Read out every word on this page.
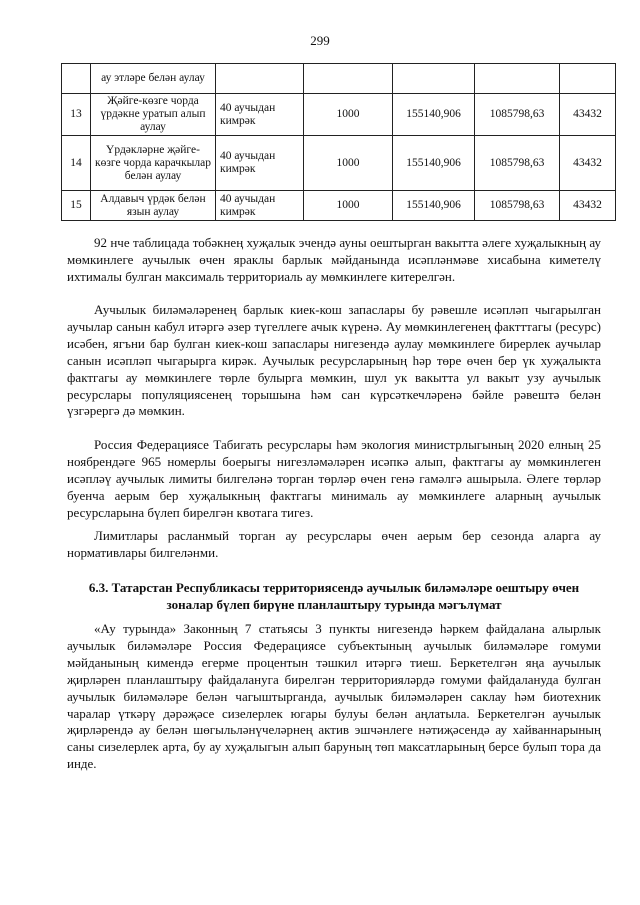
299
	ау этләре белән аулау					
13	Җәйге-көзге чорда үрдәкне уратып алып аулау	40 аучыдан кимрәк	1000	155140,906	1085798,63	43432
14	Үрдәкләрне җәйге-көзге чорда карачкылар белән аулау	40 аучыдан кимрәк	1000	155140,906	1085798,63	43432
15	Алдавыч үрдәк белән язын аулау	40 аучыдан кимрәк	1000	155140,906	1085798,63	43432

92 нче таблицада тобәкнең хуҗалык эчендә ауны оештырган вакытта әлеге хуҗалыкның ау мөмкинлеге аучылык өчен яраклы барлык мәйданында исәпләнмәве хисабына киметелү ихтималы булган максималь территориаль ау мөмкинлеге китерелгән.

Аучылык биләмәләренең барлык киек-кош запаслары бу рәвешле исәпләп чыгарылган аучылар санын кабул итәргә әзер түгеллеге ачык күренә. Ау мөмкинлегенең фактттагы (ресурс) исәбен, ягъни бар булган киек-кош запаслары нигезендә аулау мөмкинлеге бирерлек аучылар санын исәпләп чыгарырга кирәк. Аучылык ресурсларының һәр төре өчен бер үк хуҗалыкта фактгагы ау мөмкинлеге төрле булырга мөмкин, шул ук вакытта ул вакыт узу аучылык ресурслары популяциясенең торышына һәм сан күрсәткечләренә бәйле рәвештә белән үзгәрергә дә мөмкин.

Россия Федерациясе Табигать ресурслары һәм экология министрлыгының 2020 елның 25 ноябрендәге 965 номерлы боерыгы нигезләмәләрен исәпкә алып, фактгагы ау мөмкинлеген исәпләү аучылык лимиты билгеләнә торган төрләр өчен генә гамәлгә ашырыла. Әлеге төрләр буенча аерым бер хуҗалыкның фактгагы минималь ау мөмкинлеге аларның аучылык ресурсларына бүлеп бирелгән квотага тигез.

Лимитлары расланмый торган ау ресурслары өчен аерым бер сезонда аларга ау нормативлары билгеләнми.

6.3. Татарстан Республикасы территориясендә аучылык биләмәләре оештыру өчен зоналар бүлеп бирүне планлаштыру турында мәгълүмат

«Ау турында» Законның 7 статьясы 3 пункты нигезендә һәркем файдалана алырлык аучылык биләмәләре Россия Федерациясе субъектының аучылык биләмәләре гомуми мәйданының кимендә егерме процентын тәшкил итәргә тиеш. Беркетелгән яңа аучылык җирләрен планлаштыру файдалануга бирелгән территорияләрдә гомуми файдалануда булган аучылык биләмәләре белән чагыштырганда, аучылык биләмәләрен саклау һәм биотехник чаралар үткәрү дәрәҗәсе сизелерлек югары булуы белән аңлатыла. Беркетелгән аучылык җирләрендә ау белән шөгыльләнүчеләрнең актив эшчәнлеге нәтиҗәсендә ау хайваннарының саны сизелерлек арта, бу ау хуҗалыгын алып баруның төп максатларының берсе булып тора да инде.
